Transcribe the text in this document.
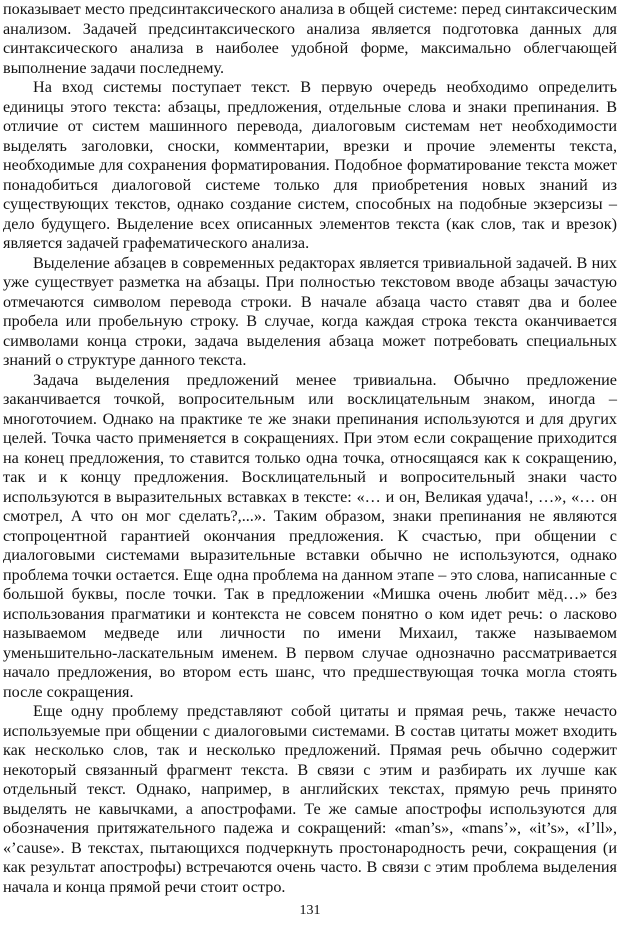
показывает место предсинтаксического анализа в общей системе: перед синтаксическим анализом. Задачей предсинтаксического анализа является подготовка данных для синтаксического анализа в наиболее удобной форме, максимально облегчающей выполнение задачи последнему.

На вход системы поступает текст. В первую очередь необходимо определить единицы этого текста: абзацы, предложения, отдельные слова и знаки препинания. В отличие от систем машинного перевода, диалоговым системам нет необходимости выделять заголовки, сноски, комментарии, врезки и прочие элементы текста, необходимые для сохранения форматирования. Подобное форматирование текста может понадобиться диалоговой системе только для приобретения новых знаний из существующих текстов, однако создание систем, способных на подобные экзерсизы – дело будущего. Выделение всех описанных элементов текста (как слов, так и врезок) является задачей графематического анализа.

Выделение абзацев в современных редакторах является тривиальной задачей. В них уже существует разметка на абзацы. При полностью текстовом вводе абзацы зачастую отмечаются символом перевода строки. В начале абзаца часто ставят два и более пробела или пробельную строку. В случае, когда каждая строка текста оканчивается символами конца строки, задача выделения абзаца может потребовать специальных знаний о структуре данного текста.

Задача выделения предложений менее тривиальна. Обычно предложение заканчивается точкой, вопросительным или восклицательным знаком, иногда – многоточием. Однако на практике те же знаки препинания используются и для других целей. Точка часто применяется в сокращениях. При этом если сокращение приходится на конец предложения, то ставится только одна точка, относящаяся как к сокращению, так и к концу предложения. Восклицательный и вопросительный знаки часто используются в выразительных вставках в тексте: «… и он, Великая удача!, …», «… он смотрел, А что он мог сделать?,...». Таким образом, знаки препинания не являются стопроцентной гарантией окончания предложения. К счастью, при общении с диалоговыми системами выразительные вставки обычно не используются, однако проблема точки остается. Еще одна проблема на данном этапе – это слова, написанные с большой буквы, после точки. Так в предложении «Мишка очень любит мёд…» без использования прагматики и контекста не совсем понятно о ком идет речь: о ласково называемом медведе или личности по имени Михаил, также называемом уменьшительно-ласкательным именем. В первом случае однозначно рассматривается начало предложения, во втором есть шанс, что предшествующая точка могла стоять после сокращения.

Еще одну проблему представляют собой цитаты и прямая речь, также нечасто используемые при общении с диалоговыми системами. В состав цитаты может входить как несколько слов, так и несколько предложений. Прямая речь обычно содержит некоторый связанный фрагмент текста. В связи с этим и разбирать их лучше как отдельный текст. Однако, например, в английских текстах, прямую речь принято выделять не кавычками, а апострофами. Те же самые апострофы используются для обозначения притяжательного падежа и сокращений: «man’s», «mans’», «it’s», «I’ll», «’cause». В текстах, пытающихся подчеркнуть простонародность речи, сокращения (и как результат апострофы) встречаются очень часто. В связи с этим проблема выделения начала и конца прямой речи стоит остро.

131
